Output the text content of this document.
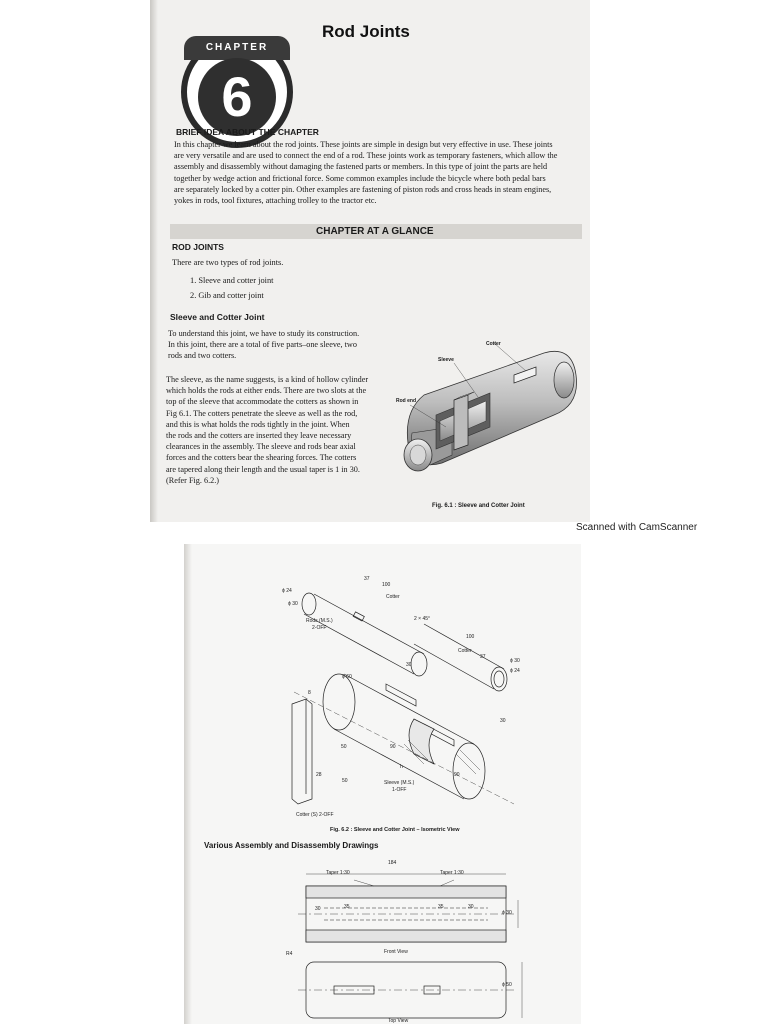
CHAPTER
6
Rod Joints
BRIEF IDEA ABOUT THE CHAPTER
In this chapter we learn about the rod joints. These joints are simple in design but very effective in use. These joints
are very versatile and are used to connect the end of a rod. These joints work as temporary fasteners, which allow the
assembly and disassembly without damaging the fastened parts or members. In this type of joint the parts are held
together by wedge action and frictional force. Some common examples include the bicycle where both pedal bars
are separately locked by a cotter pin. Other examples are fastening of piston rods and cross heads in steam engines,
yokes in rods, tool fixtures, attaching trolley to the tractor etc.
CHAPTER AT A GLANCE
ROD JOINTS
There are two types of rod joints.
1. Sleeve and cotter joint
2. Gib and cotter joint
Sleeve and Cotter Joint
To understand this joint, we have to study its construction.
In this joint, there are a total of five parts–one sleeve, two
rods and two cotters.
The sleeve, as the name suggests, is a kind of hollow cylinder
which holds the rods at either ends. There are two slots at the
top of the sleeve that accommodate the cotters as shown in
Fig 6.1. The cotters penetrate the sleeve as well as the rod,
and this is what holds the rods tightly in the joint. When
the rods and the cotters are inserted they leave necessary
clearances in the assembly. The sleeve and rods bear axial
forces and the cotters bear the shearing forces. The cotters
are tapered along their length and the usual taper is 1 in 30.
(Refer Fig. 6.2.)
Cotter
Sleeve
Rod end
Fig. 6.1 : Sleeve and Cotter Joint
Scanned with CamScanner
ϕ 24
ϕ 30
100
37
Cotter
Rods (M.S.)
2-OFF
2 × 45°
100
37
Cotter
ϕ 30
ϕ 24
30
8
ϕ 60
30
50	90
28
50
90
h
Sleeve (M.S.)
1-OFF
Cotter (S) 2-OFF
Fig. 6.2 : Sleeve and Cotter Joint – Isometric View
Various Assembly and Disassembly Drawings
184
Taper 1:30	Taper 1:30
30	35	35	30
ϕ 30
R4	Front View
ϕ 50
Top View
